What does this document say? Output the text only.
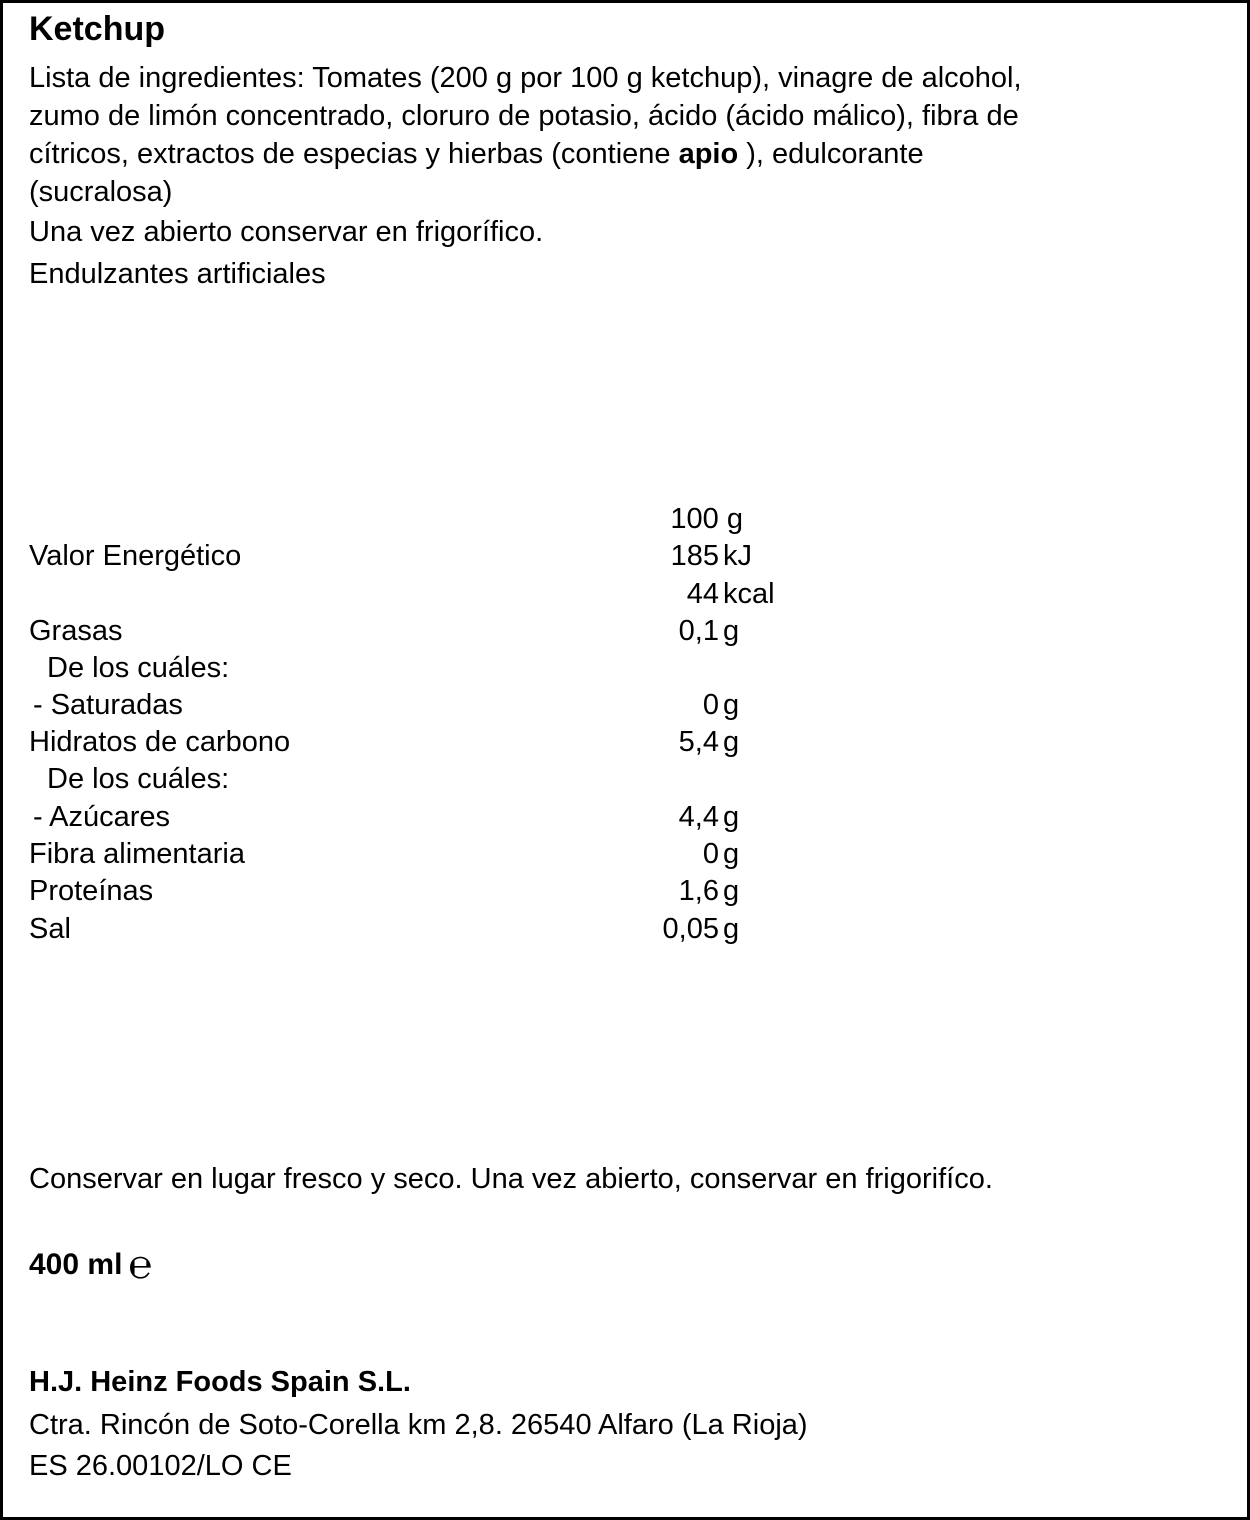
Ketchup
Lista de ingredientes: Tomates (200 g por 100 g ketchup), vinagre de alcohol,
zumo de limón concentrado, cloruro de potasio, ácido (ácido málico), fibra de
cítricos, extractos de especias y hierbas (contiene apio ), edulcorante
(sucralosa)
Una vez abierto conservar en frigorífico.
Endulzantes artificiales
100 g
Valor Energético	185 kJ
44 kcal
Grasas	0,1 g
De los cuáles:
- Saturadas	0 g
Hidratos de carbono	5,4 g
De los cuáles:
- Azúcares	4,4 g
Fibra alimentaria	0 g
Proteínas	1,6 g
Sal	0,05 g
Conservar en lugar fresco y seco. Una vez abierto, conservar en frigorifíco.
400 ml ℮
H.J. Heinz Foods Spain S.L.
Ctra. Rincón de Soto-Corella km 2,8. 26540 Alfaro (La Rioja)
ES 26.00102/LO CE
